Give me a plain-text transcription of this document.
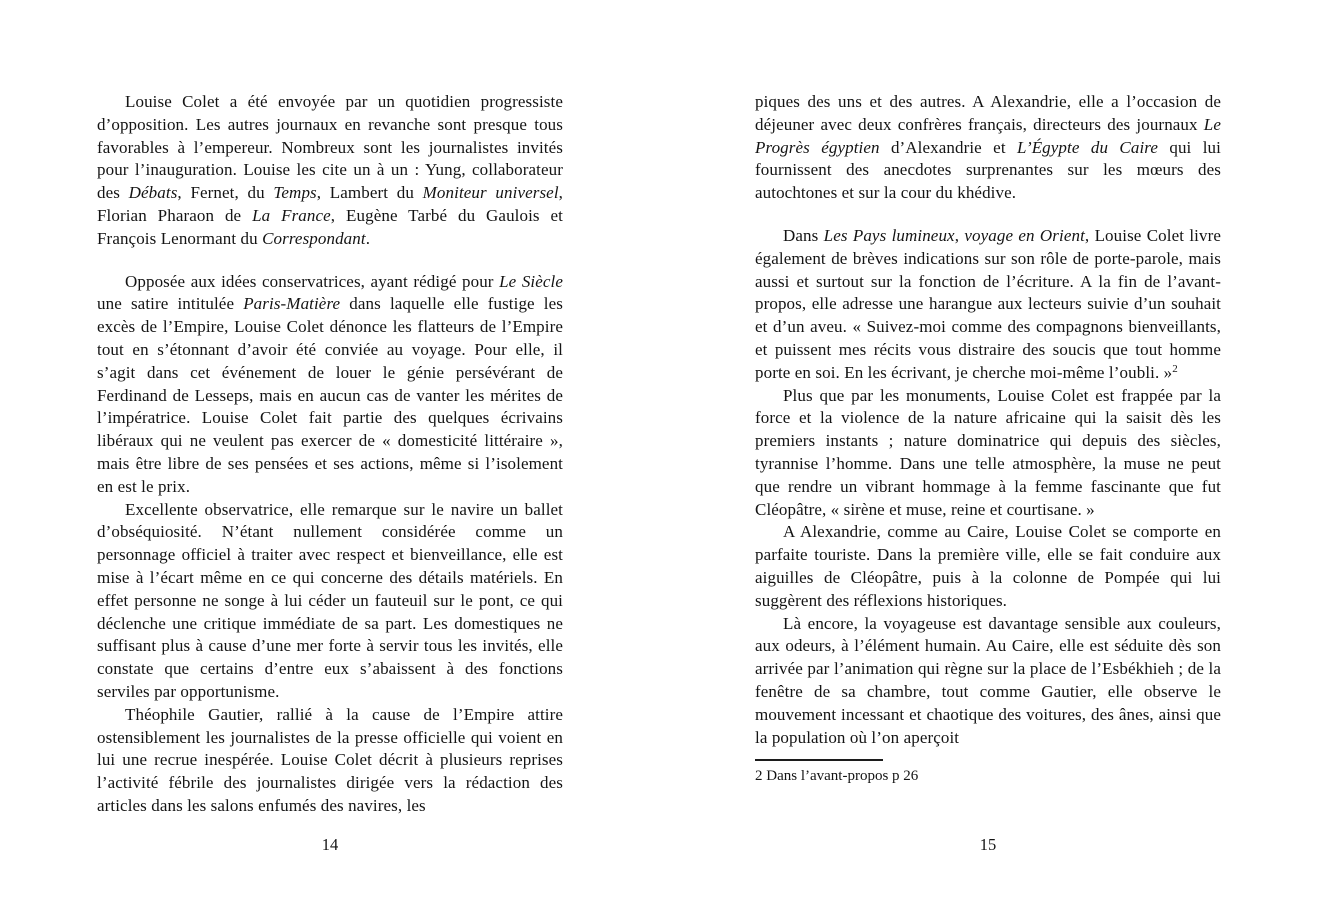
Louise Colet a été envoyée par un quotidien progressiste d’opposition. Les autres journaux en revanche sont presque tous favorables à l’empereur. Nombreux sont les journalistes invités pour l’inauguration. Louise les cite un à un : Yung, collaborateur des Débats, Fernet, du Temps, Lambert du Moniteur universel, Florian Pharaon de La France, Eugène Tarbé du Gaulois et François Lenormant du Correspondant.

Opposée aux idées conservatrices, ayant rédigé pour Le Siècle une satire intitulée Paris-Matière dans laquelle elle fustige les excès de l’Empire, Louise Colet dénonce les flatteurs de l’Empire tout en s’étonnant d’avoir été conviée au voyage. Pour elle, il s’agit dans cet événement de louer le génie persévérant de Ferdinand de Lesseps, mais en aucun cas de vanter les mérites de l’impératrice. Louise Colet fait partie des quelques écrivains libéraux qui ne veulent pas exercer de « domesticité littéraire », mais être libre de ses pensées et ses actions, même si l’isolement en est le prix.

Excellente observatrice, elle remarque sur le navire un ballet d’obséquiosité. N’étant nullement considérée comme un personnage officiel à traiter avec respect et bienveillance, elle est mise à l’écart même en ce qui concerne des détails matériels. En effet personne ne songe à lui céder un fauteuil sur le pont, ce qui déclenche une critique immédiate de sa part. Les domestiques ne suffisant plus à cause d’une mer forte à servir tous les invités, elle constate que certains d’entre eux s’abaissent à des fonctions serviles par opportunisme.

Théophile Gautier, rallié à la cause de l’Empire attire ostensiblement les journalistes de la presse officielle qui voient en lui une recrue inespérée. Louise Colet décrit à plusieurs reprises l’activité fébrile des journalistes dirigée vers la rédaction des articles dans les salons enfumés des navires, les

piques des uns et des autres. A Alexandrie, elle a l’occasion de déjeuner avec deux confrères français, directeurs des journaux Le Progrès égyptien d’Alexandrie et L’Égypte du Caire qui lui fournissent des anecdotes surprenantes sur les mœurs des autochtones et sur la cour du khédive.

Dans Les Pays lumineux, voyage en Orient, Louise Colet livre également de brèves indications sur son rôle de porte-parole, mais aussi et surtout sur la fonction de l’écriture. A la fin de l’avant-propos, elle adresse une harangue aux lecteurs suivie d’un souhait et d’un aveu. « Suivez-moi comme des compagnons bienveillants, et puissent mes récits vous distraire des soucis que tout homme porte en soi. En les écrivant, je cherche moi-même l’oubli. »$^2$

Plus que par les monuments, Louise Colet est frappée par la force et la violence de la nature africaine qui la saisit dès les premiers instants ; nature dominatrice qui depuis des siècles, tyrannise l’homme. Dans une telle atmosphère, la muse ne peut que rendre un vibrant hommage à la femme fascinante que fut Cléopâtre, « sirène et muse, reine et courtisane. »

A Alexandrie, comme au Caire, Louise Colet se comporte en parfaite touriste. Dans la première ville, elle se fait conduire aux aiguilles de Cléopâtre, puis à la colonne de Pompée qui lui suggèrent des réflexions historiques.

Là encore, la voyageuse est davantage sensible aux couleurs, aux odeurs, à l’élément humain. Au Caire, elle est séduite dès son arrivée par l’animation qui règne sur la place de l’Esbékhieh ; de la fenêtre de sa chambre, tout comme Gautier, elle observe le mouvement incessant et chaotique des voitures, des ânes, ainsi que la population où l’on aperçoit

2 Dans l’avant-propos p 26
14	15
